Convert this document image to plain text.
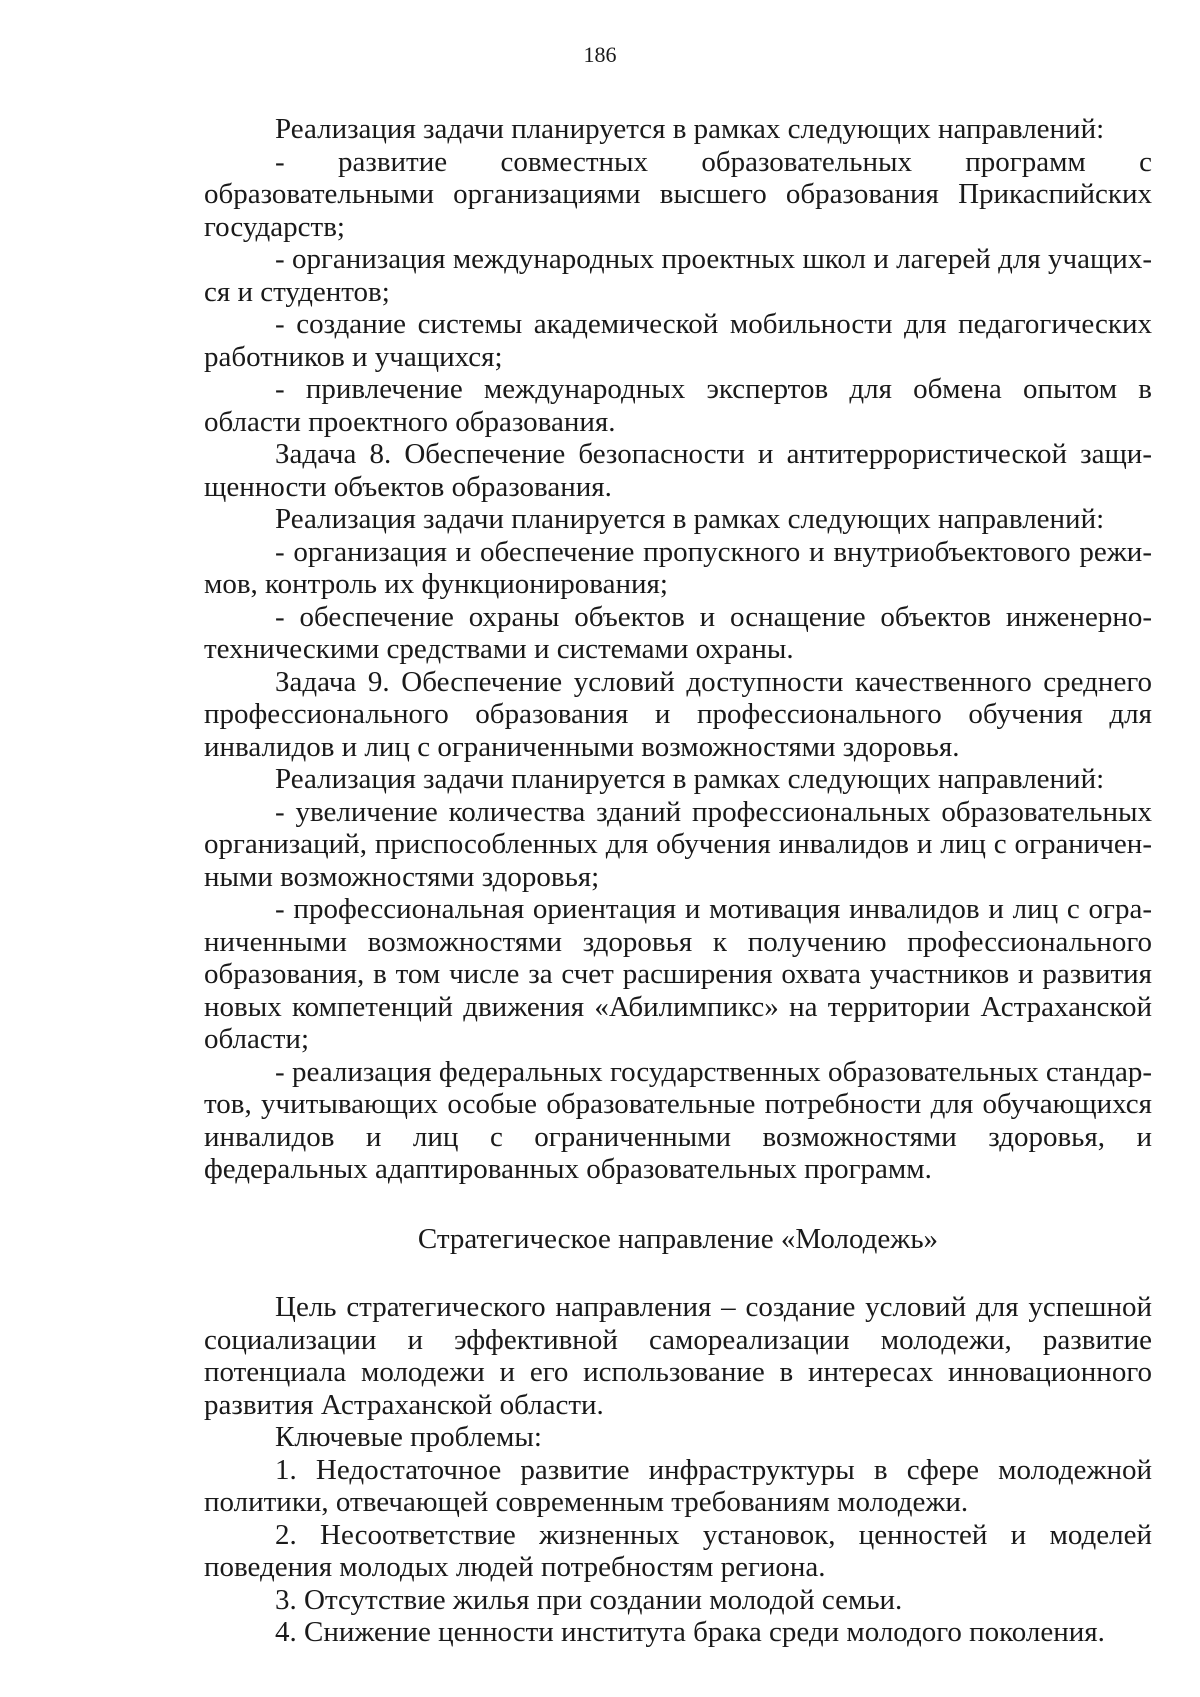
186

Реализация задачи планируется в рамках следующих направлений:

- развитие совместных образовательных программ с образовательными организациями высшего образования Прикаспийских государств;

- организация международных проектных школ и лагерей для учащихся и студентов;

- создание системы академической мобильности для педагогических работников и учащихся;

- привлечение международных экспертов для обмена опытом в области проектного образования.

Задача 8. Обеспечение безопасности и антитеррористической защищенности объектов образования.

Реализация задачи планируется в рамках следующих направлений:

- организация и обеспечение пропускного и внутриобъектового режимов, контроль их функционирования;

- обеспечение охраны объектов и оснащение объектов инженерно-техническими средствами и системами охраны.

Задача 9. Обеспечение условий доступности качественного среднего профессионального образования и профессионального обучения для инвалидов и лиц с ограниченными возможностями здоровья.

Реализация задачи планируется в рамках следующих направлений:

- увеличение количества зданий профессиональных образовательных организаций, приспособленных для обучения инвалидов и лиц с ограниченными возможностями здоровья;

- профессиональная ориентация и мотивация инвалидов и лиц с ограниченными возможностями здоровья к получению профессионального образования, в том числе за счет расширения охвата участников и развития новых компетенций движения «Абилимпикс» на территории Астраханской области;

- реализация федеральных государственных образовательных стандартов, учитывающих особые образовательные потребности для обучающихся инвалидов и лиц с ограниченными возможностями здоровья, и федеральных адаптированных образовательных программ.

Стратегическое направление «Молодежь»

Цель стратегического направления – создание условий для успешной социализации и эффективной самореализации молодежи, развитие потенциала молодежи и его использование в интересах инновационного развития Астраханской области.

Ключевые проблемы:

1. Недостаточное развитие инфраструктуры в сфере молодежной политики, отвечающей современным требованиям молодежи.

2. Несоответствие жизненных установок, ценностей и моделей поведения молодых людей потребностям региона.

3. Отсутствие жилья при создании молодой семьи.

4. Снижение ценности института брака среди молодого поколения.
